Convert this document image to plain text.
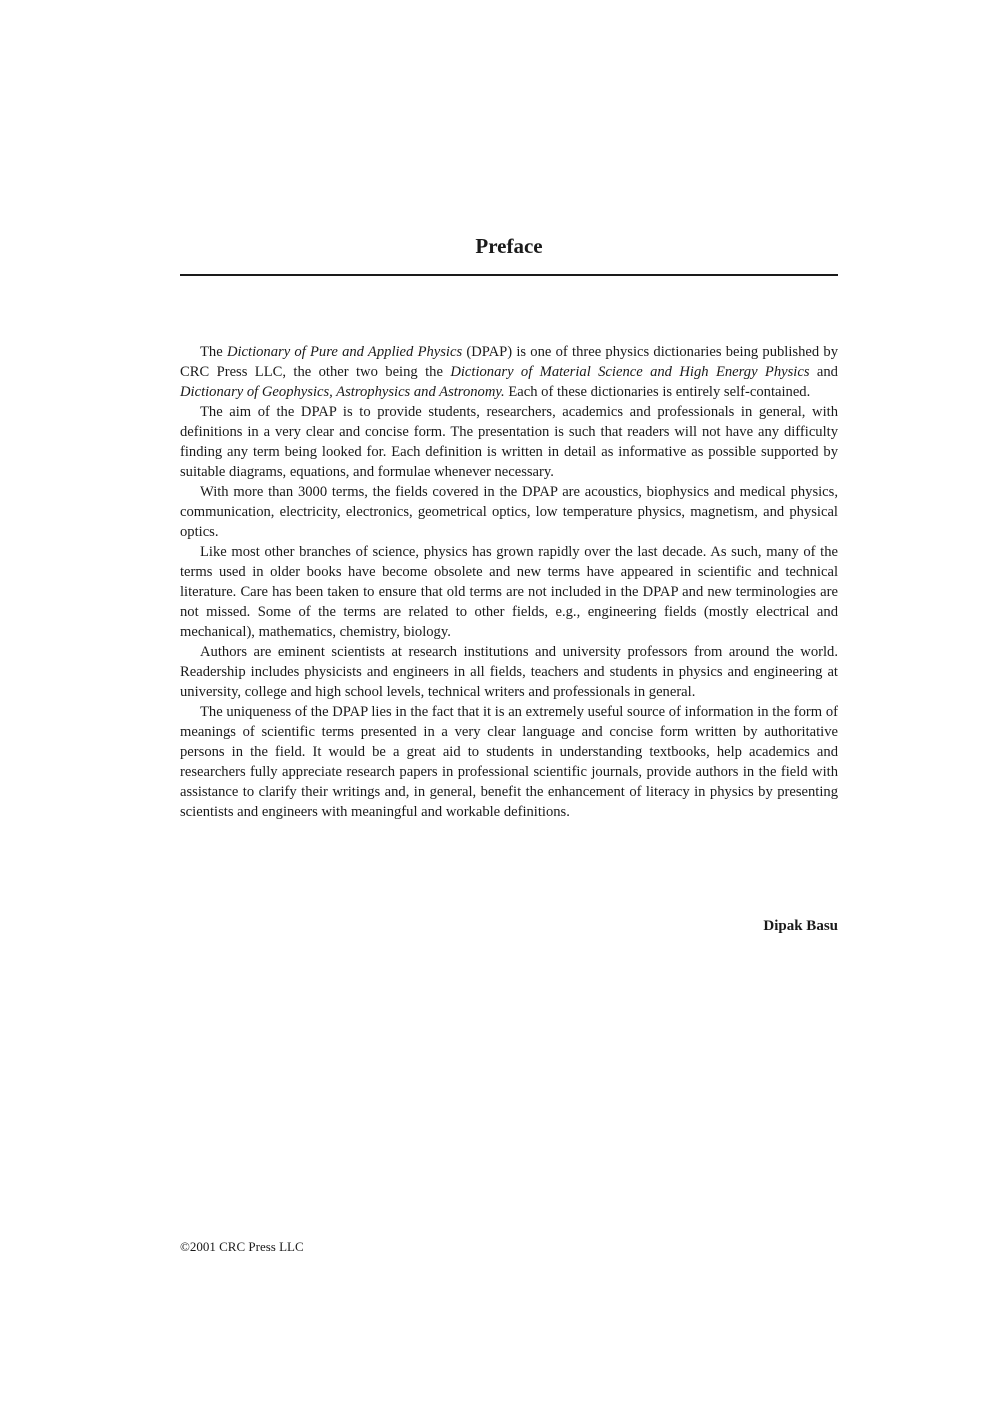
Preface

The Dictionary of Pure and Applied Physics (DPAP) is one of three physics dictionaries being published by CRC Press LLC, the other two being the Dictionary of Material Science and High Energy Physics and Dictionary of Geophysics, Astrophysics and Astronomy. Each of these dictionaries is entirely self-contained.

The aim of the DPAP is to provide students, researchers, academics and professionals in general, with definitions in a very clear and concise form. The presentation is such that readers will not have any difficulty finding any term being looked for. Each definition is written in detail as informative as possible supported by suitable diagrams, equations, and formulae whenever necessary.

With more than 3000 terms, the fields covered in the DPAP are acoustics, biophysics and medical physics, communication, electricity, electronics, geometrical optics, low temperature physics, magnetism, and physical optics.

Like most other branches of science, physics has grown rapidly over the last decade. As such, many of the terms used in older books have become obsolete and new terms have appeared in scientific and technical literature. Care has been taken to ensure that old terms are not included in the DPAP and new terminologies are not missed. Some of the terms are related to other fields, e.g., engineering fields (mostly electrical and mechanical), mathematics, chemistry, biology.

Authors are eminent scientists at research institutions and university professors from around the world. Readership includes physicists and engineers in all fields, teachers and students in physics and engineering at university, college and high school levels, technical writers and professionals in general.

The uniqueness of the DPAP lies in the fact that it is an extremely useful source of information in the form of meanings of scientific terms presented in a very clear language and concise form written by authoritative persons in the field. It would be a great aid to students in understanding textbooks, help academics and researchers fully appreciate research papers in professional scientific journals, provide authors in the field with assistance to clarify their writings and, in general, benefit the enhancement of literacy in physics by presenting scientists and engineers with meaningful and workable definitions.

Dipak Basu
©2001 CRC Press LLC
